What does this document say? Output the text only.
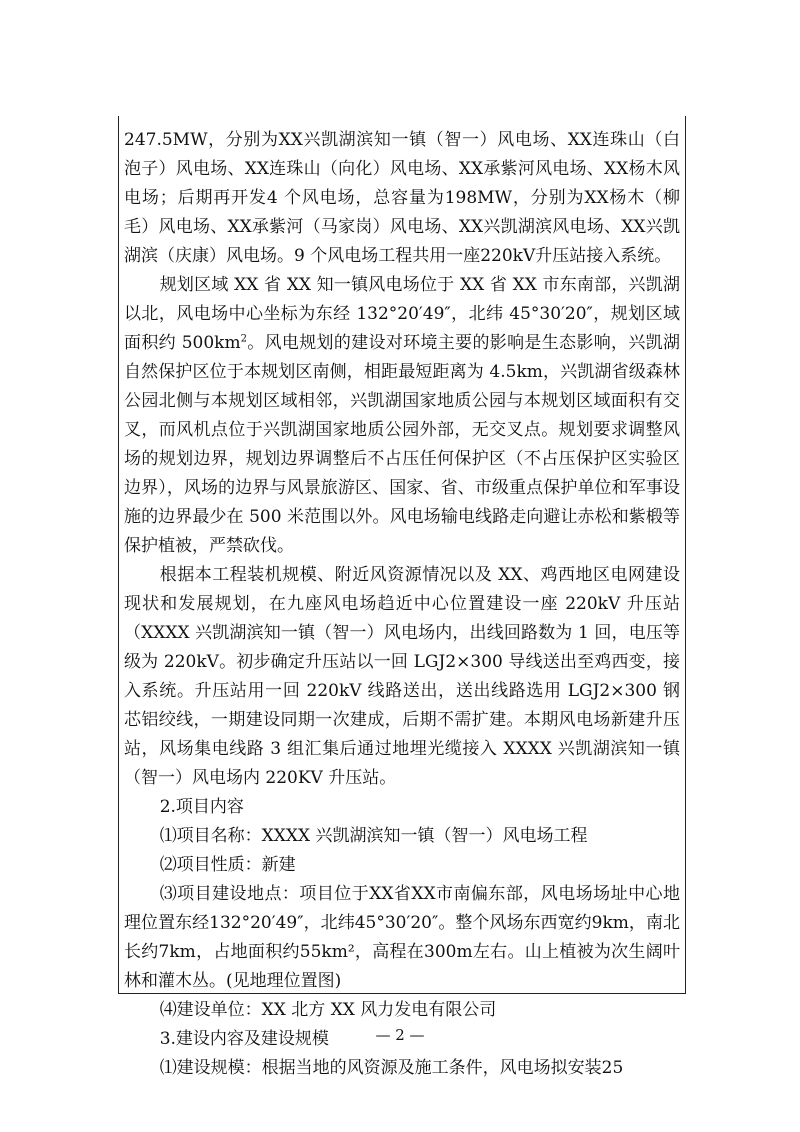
247.5MW，分别为XX兴凯湖滨知一镇（智一）风电场、XX连珠山（白泡子）风电场、XX连珠山（向化）风电场、XX承紫河风电场、XX杨木风电场；后期再开发4 个风电场，总容量为198MW，分别为XX杨木（柳毛）风电场、XX承紫河（马家岗）风电场、XX兴凯湖滨风电场、XX兴凯湖滨（庆康）风电场。9 个风电场工程共用一座220kV升压站接入系统。

规划区域 XX 省 XX 知一镇风电场位于 XX 省 XX 市东南部，兴凯湖以北，风电场中心坐标为东经 132°20′49″，北纬 45°30′20″，规划区域面积约 $500km^2$。风电规划的建设对环境主要的影响是生态影响，兴凯湖自然保护区位于本规划区南侧，相距最短距离为 4.5km，兴凯湖省级森林公园北侧与本规划区域相邻，兴凯湖国家地质公园与本规划区域面积有交叉，而风机点位于兴凯湖国家地质公园外部，无交叉点。规划要求调整风场的规划边界，规划边界调整后不占压任何保护区（不占压保护区实验区边界），风场的边界与风景旅游区、国家、省、市级重点保护单位和军事设施的边界最少在 500 米范围以外。风电场输电线路走向避让赤松和紫椴等保护植被，严禁砍伐。

根据本工程装机规模、附近风资源情况以及 XX、鸡西地区电网建设现状和发展规划，在九座风电场趋近中心位置建设一座 220kV 升压站（XXXX 兴凯湖滨知一镇（智一）风电场内，出线回路数为 1 回，电压等级为 220kV。初步确定升压站以一回 LGJ2×300 导线送出至鸡西变，接入系统。升压站用一回 220kV 线路送出，送出线路选用 LGJ2×300 钢芯铝绞线，一期建设同期一次建成，后期不需扩建。本期风电场新建升压站，风场集电线路 3 组汇集后通过地埋光缆接入 XXXX 兴凯湖滨知一镇（智一）风电场内 220KV 升压站。

2.项目内容

⑴项目名称：XXXX 兴凯湖滨知一镇（智一）风电场工程

⑵项目性质：新建

⑶项目建设地点：项目位于XX省XX市南偏东部，风电场场址中心地理位置东经132°20′49″，北纬45°30′20″。整个风场东西宽约9km，南北长约7km，占地面积约55km²，高程在300m左右。山上植被为次生阔叶林和灌木丛。(见地理位置图)

⑷建设单位：XX 北方 XX 风力发电有限公司

3.建设内容及建设规模

⑴建设规模：根据当地的风资源及施工条件，风电场拟安装25

— 2 —
